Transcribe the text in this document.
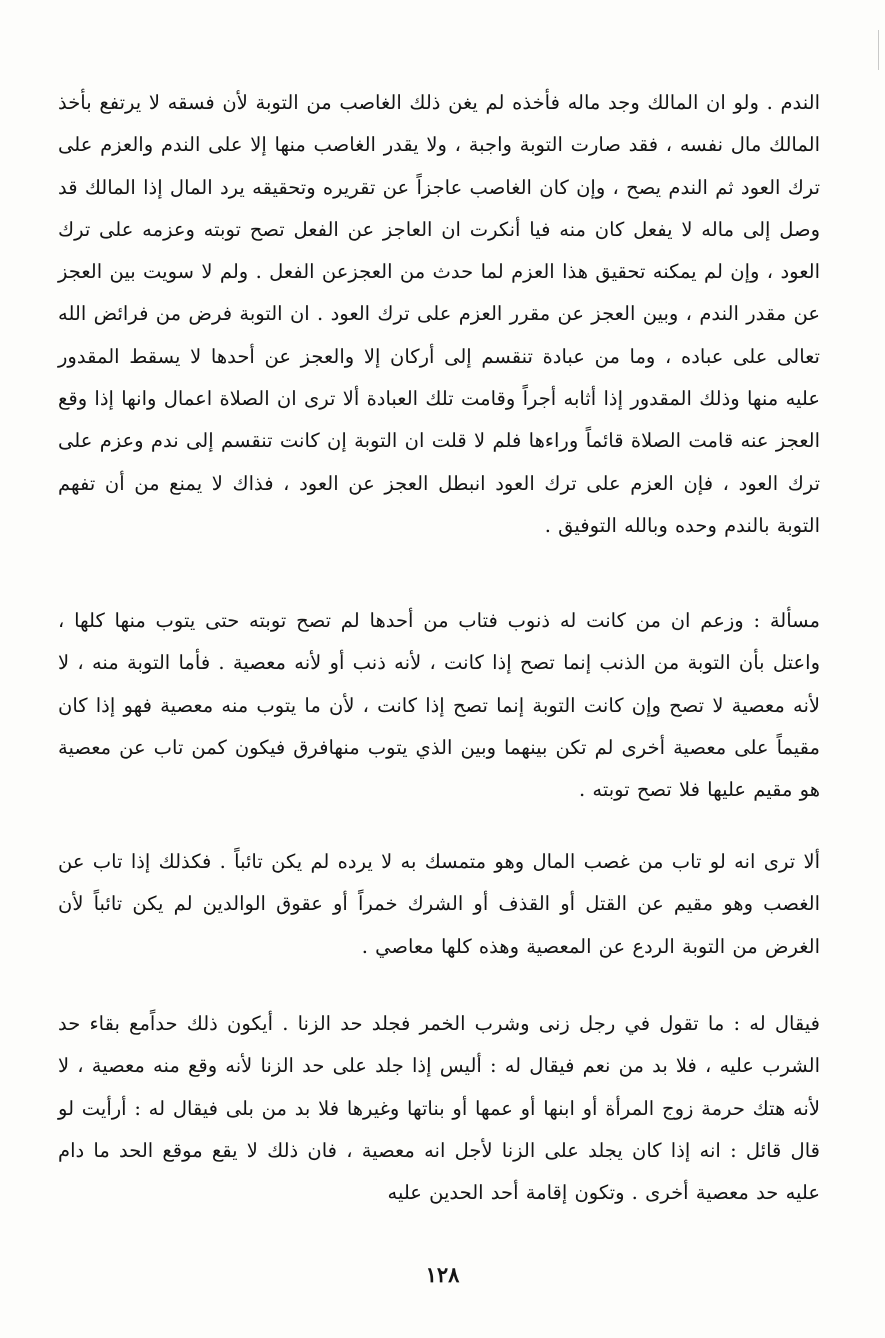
الندم . ولو ان المالك وجد ماله فأخذه لم يغن ذلك الغاصب من التوبة لأن فسقه لا يرتفع بأخذ المالك مال نفسه ، فقد صارت التوبة واجبة ، ولا يقدر الغاصب منها إلا على الندم والعزم على ترك العود ثم الندم يصح ، وإن كان الغاصب عاجزاً عن تقريره وتحقيقه يرد المال إذا المالك قد وصل إلى ماله لا يفعل كان منه فيا أنكرت ان العاجز عن الفعل تصح توبته وعزمه على ترك العود ، وإن لم يمكنه تحقيق هذا العزم لما حدث من العجزعن الفعل . ولم لا سويت بين العجز عن مقدر الندم ، وبين العجز عن مقرر العزم على ترك العود . ان التوبة فرض من فرائض الله تعالى على عباده ، وما من عبادة تنقسم إلى أركان إلا والعجز عن أحدها لا يسقط المقدور عليه منها وذلك المقدور إذا أثابه أجراً وقامت تلك العبادة ألا ترى ان الصلاة اعمال وانها إذا وقع العجز عنه قامت الصلاة قائماً وراءها فلم لا قلت ان التوبة إن كانت تنقسم إلى ندم وعزم على ترك العود ، فإن العزم على ترك العود انبطل العجز عن العود ، فذاك لا يمنع من أن تفهم التوبة بالندم وحده وبالله التوفيق .

مسألة : وزعم ان من كانت له ذنوب فتاب من أحدها لم تصح توبته حتى يتوب منها كلها ، واعتل بأن التوبة من الذنب إنما تصح إذا كانت ، لأنه ذنب أو لأنه معصية . فأما التوبة منه ، لا لأنه معصية لا تصح وإن كانت التوبة إنما تصح إذا كانت ، لأن ما يتوب منه معصية فهو إذا كان مقيماً على معصية أخرى لم تكن بينهما وبين الذي يتوب منهافرق فيكون كمن تاب عن معصية هو مقيم عليها فلا تصح توبته .

ألا ترى انه لو تاب من غصب المال وهو متمسك به لا يرده لم يكن تائباً . فكذلك إذا تاب عن الغصب وهو مقيم عن القتل أو القذف أو الشرك خمراً أو عقوق الوالدين لم يكن تائباً لأن الغرض من التوبة الردع عن المعصية وهذه كلها معاصي .

فيقال له : ما تقول في رجل زنى وشرب الخمر فجلد حد الزنا . أيكون ذلك حداًمع بقاء حد الشرب عليه ، فلا بد من نعم فيقال له : أليس إذا جلد على حد الزنا لأنه وقع منه معصية ، لا لأنه هتك حرمة زوج المرأة أو ابنها أو عمها أو بناتها وغيرها فلا بد من بلى فيقال له : أرأيت لو قال قائل : انه إذا كان يجلد على الزنا لأجل انه معصية ، فان ذلك لا يقع موقع الحد ما دام عليه حد معصية أخرى . وتكون إقامة أحد الحدين عليه

١٢٨
